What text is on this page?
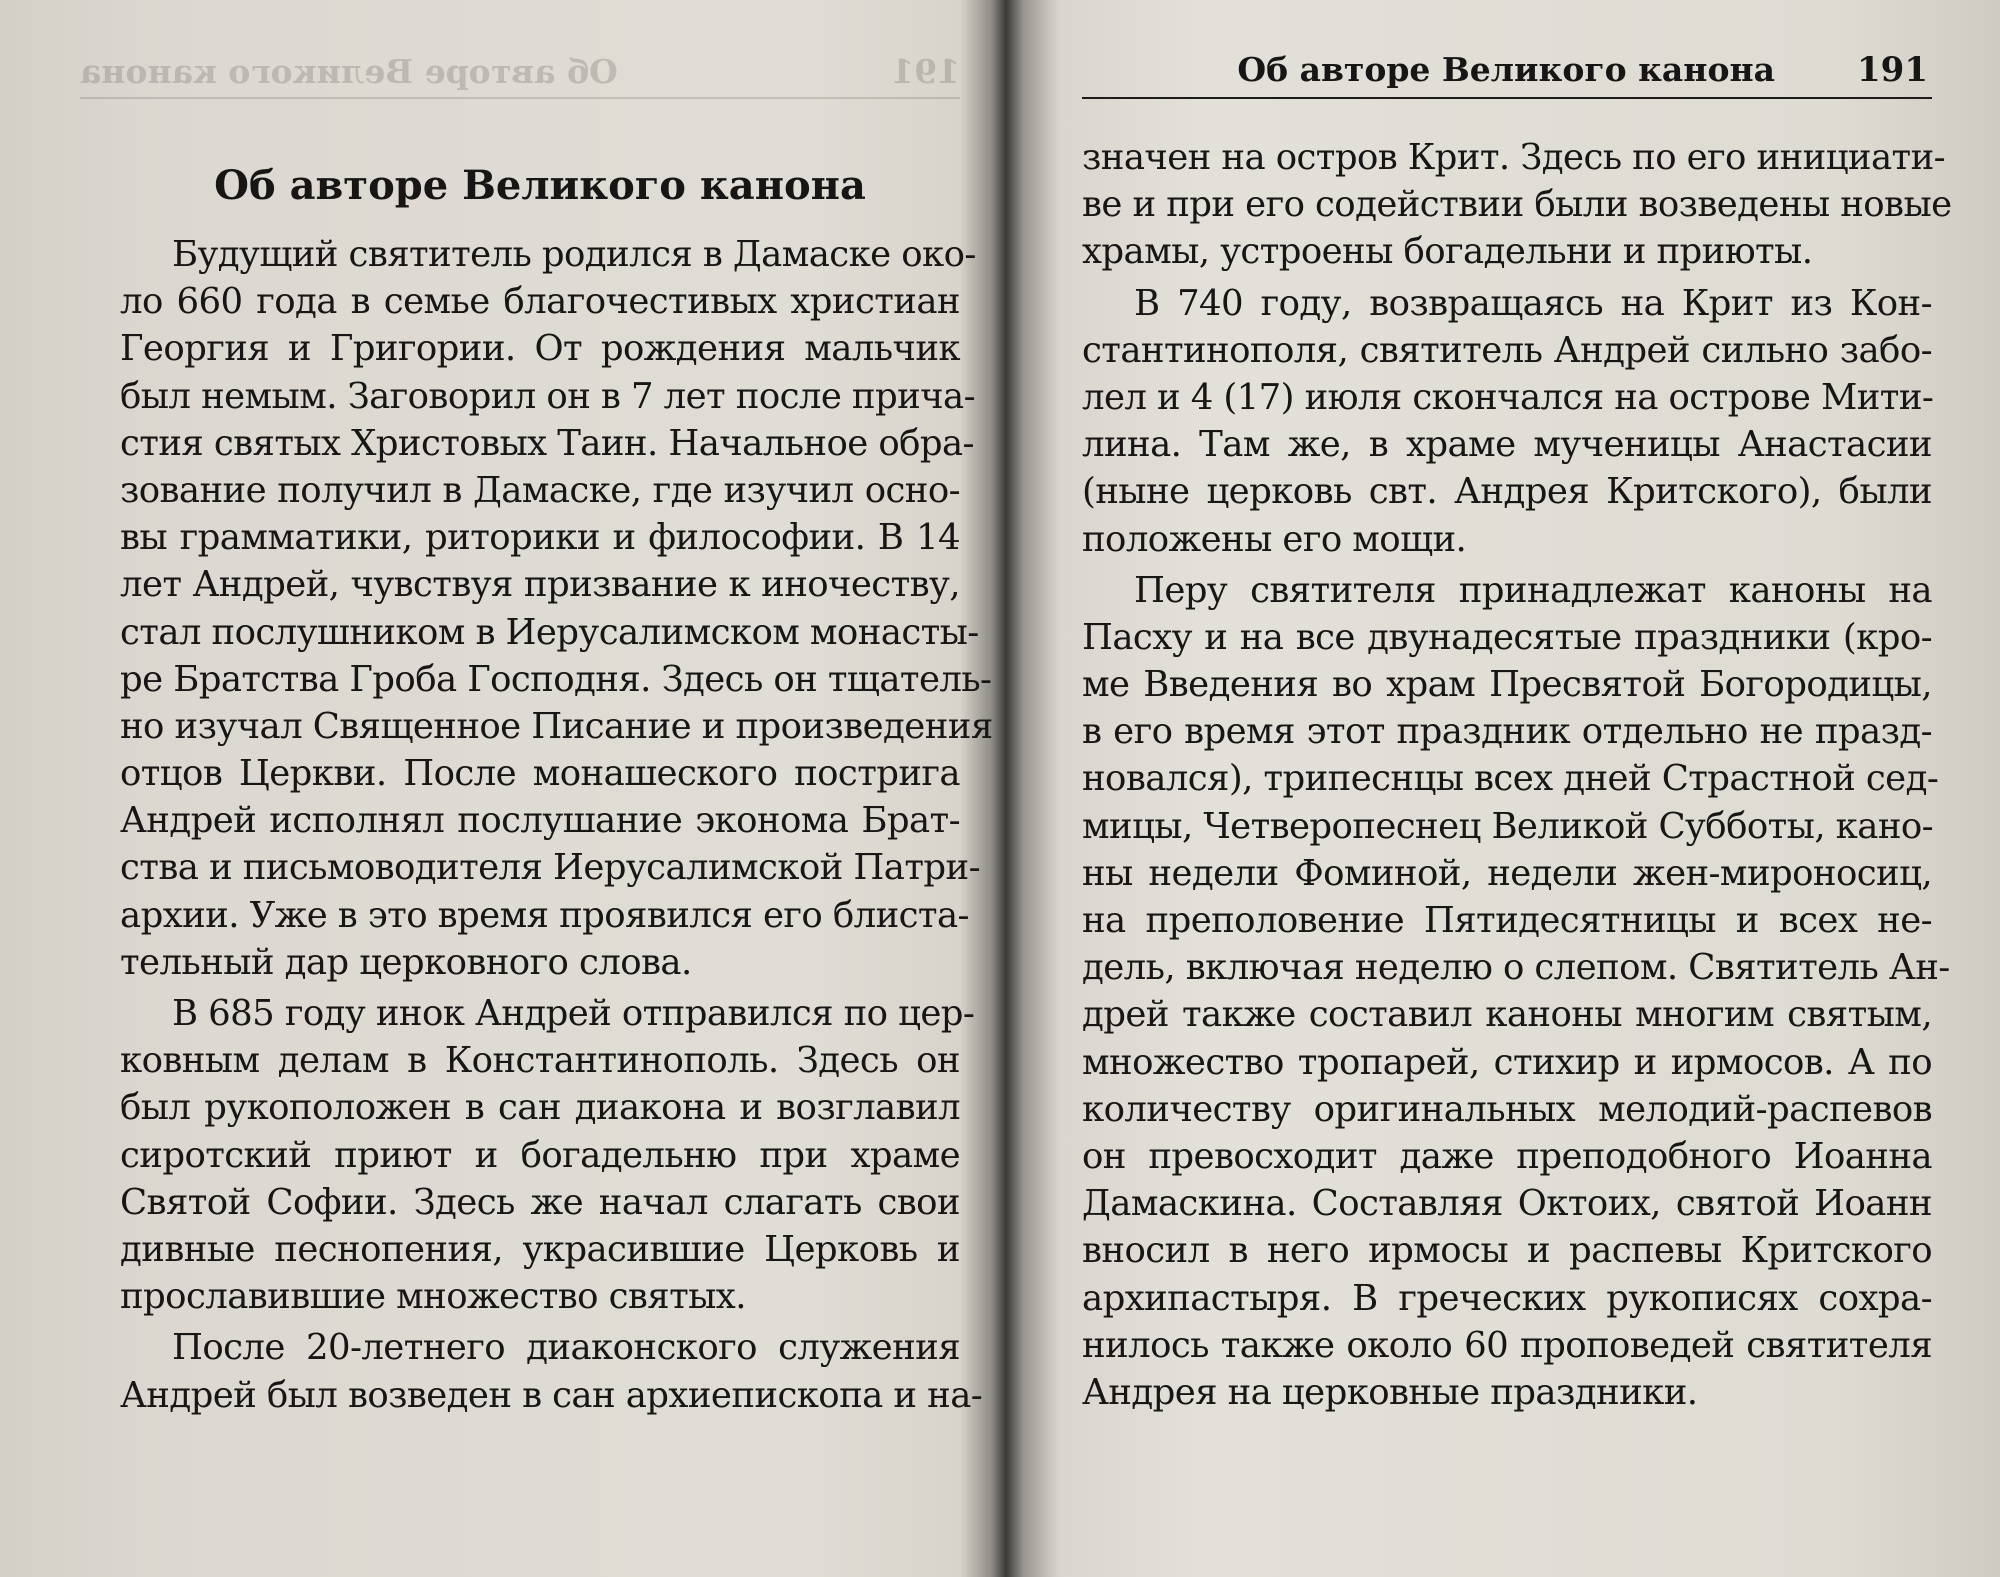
191
Об авторе Великого канона
Об авторе Великого канона
Будущий святитель родился в Дамаске око-
ло 660 года в семье благочестивых христиан
Георгия и Григории. От рождения мальчик
был немым. Заговорил он в 7 лет после прича-
стия святых Христовых Таин. Начальное обра-
зование получил в Дамаске, где изучил осно-
вы грамматики, риторики и философии. В 14
лет Андрей, чувствуя призвание к иночеству,
стал послушником в Иерусалимском монасты-
ре Братства Гроба Господня. Здесь он тщатель-
но изучал Священное Писание и произведения
отцов Церкви. После монашеского пострига
Андрей исполнял послушание эконома Брат-
ства и письмоводителя Иерусалимской Патри-
архии. Уже в это время проявился его блиста-
тельный дар церковного слова.
В 685 году инок Андрей отправился по цер-
ковным делам в Константинополь. Здесь он
был рукоположен в сан диакона и возглавил
сиротский приют и богадельню при храме
Святой Софии. Здесь же начал слагать свои
дивные песнопения, украсившие Церковь и
прославившие множество святых.
После 20-летнего диаконского служения
Андрей был возведен в сан архиепископа и на-
Об авторе Великого канона 191
значен на остров Крит. Здесь по его инициати-
ве и при его содействии были возведены новые
храмы, устроены богадельни и приюты.
В 740 году, возвращаясь на Крит из Кон-
стантинополя, святитель Андрей сильно забо-
лел и 4 (17) июля скончался на острове Мити-
лина. Там же, в храме мученицы Анастасии
(ныне церковь свт. Андрея Критского), были
положены его мощи.
Перу святителя принадлежат каноны на
Пасху и на все двунадесятые праздники (кро-
ме Введения во храм Пресвятой Богородицы,
в его время этот праздник отдельно не празд-
новался), трипеснцы всех дней Страстной сед-
мицы, Четверопеснец Великой Субботы, кано-
ны недели Фоминой, недели жен-мироносиц,
на преполовение Пятидесятницы и всех не-
дель, включая неделю о слепом. Святитель Ан-
дрей также составил каноны многим святым,
множество тропарей, стихир и ирмосов. А по
количеству оригинальных мелодий-распевов
он превосходит даже преподобного Иоанна
Дамаскина. Составляя Октоих, святой Иоанн
вносил в него ирмосы и распевы Критского
архипастыря. В греческих рукописях сохра-
нилось также около 60 проповедей святителя
Андрея на церковные праздники.
